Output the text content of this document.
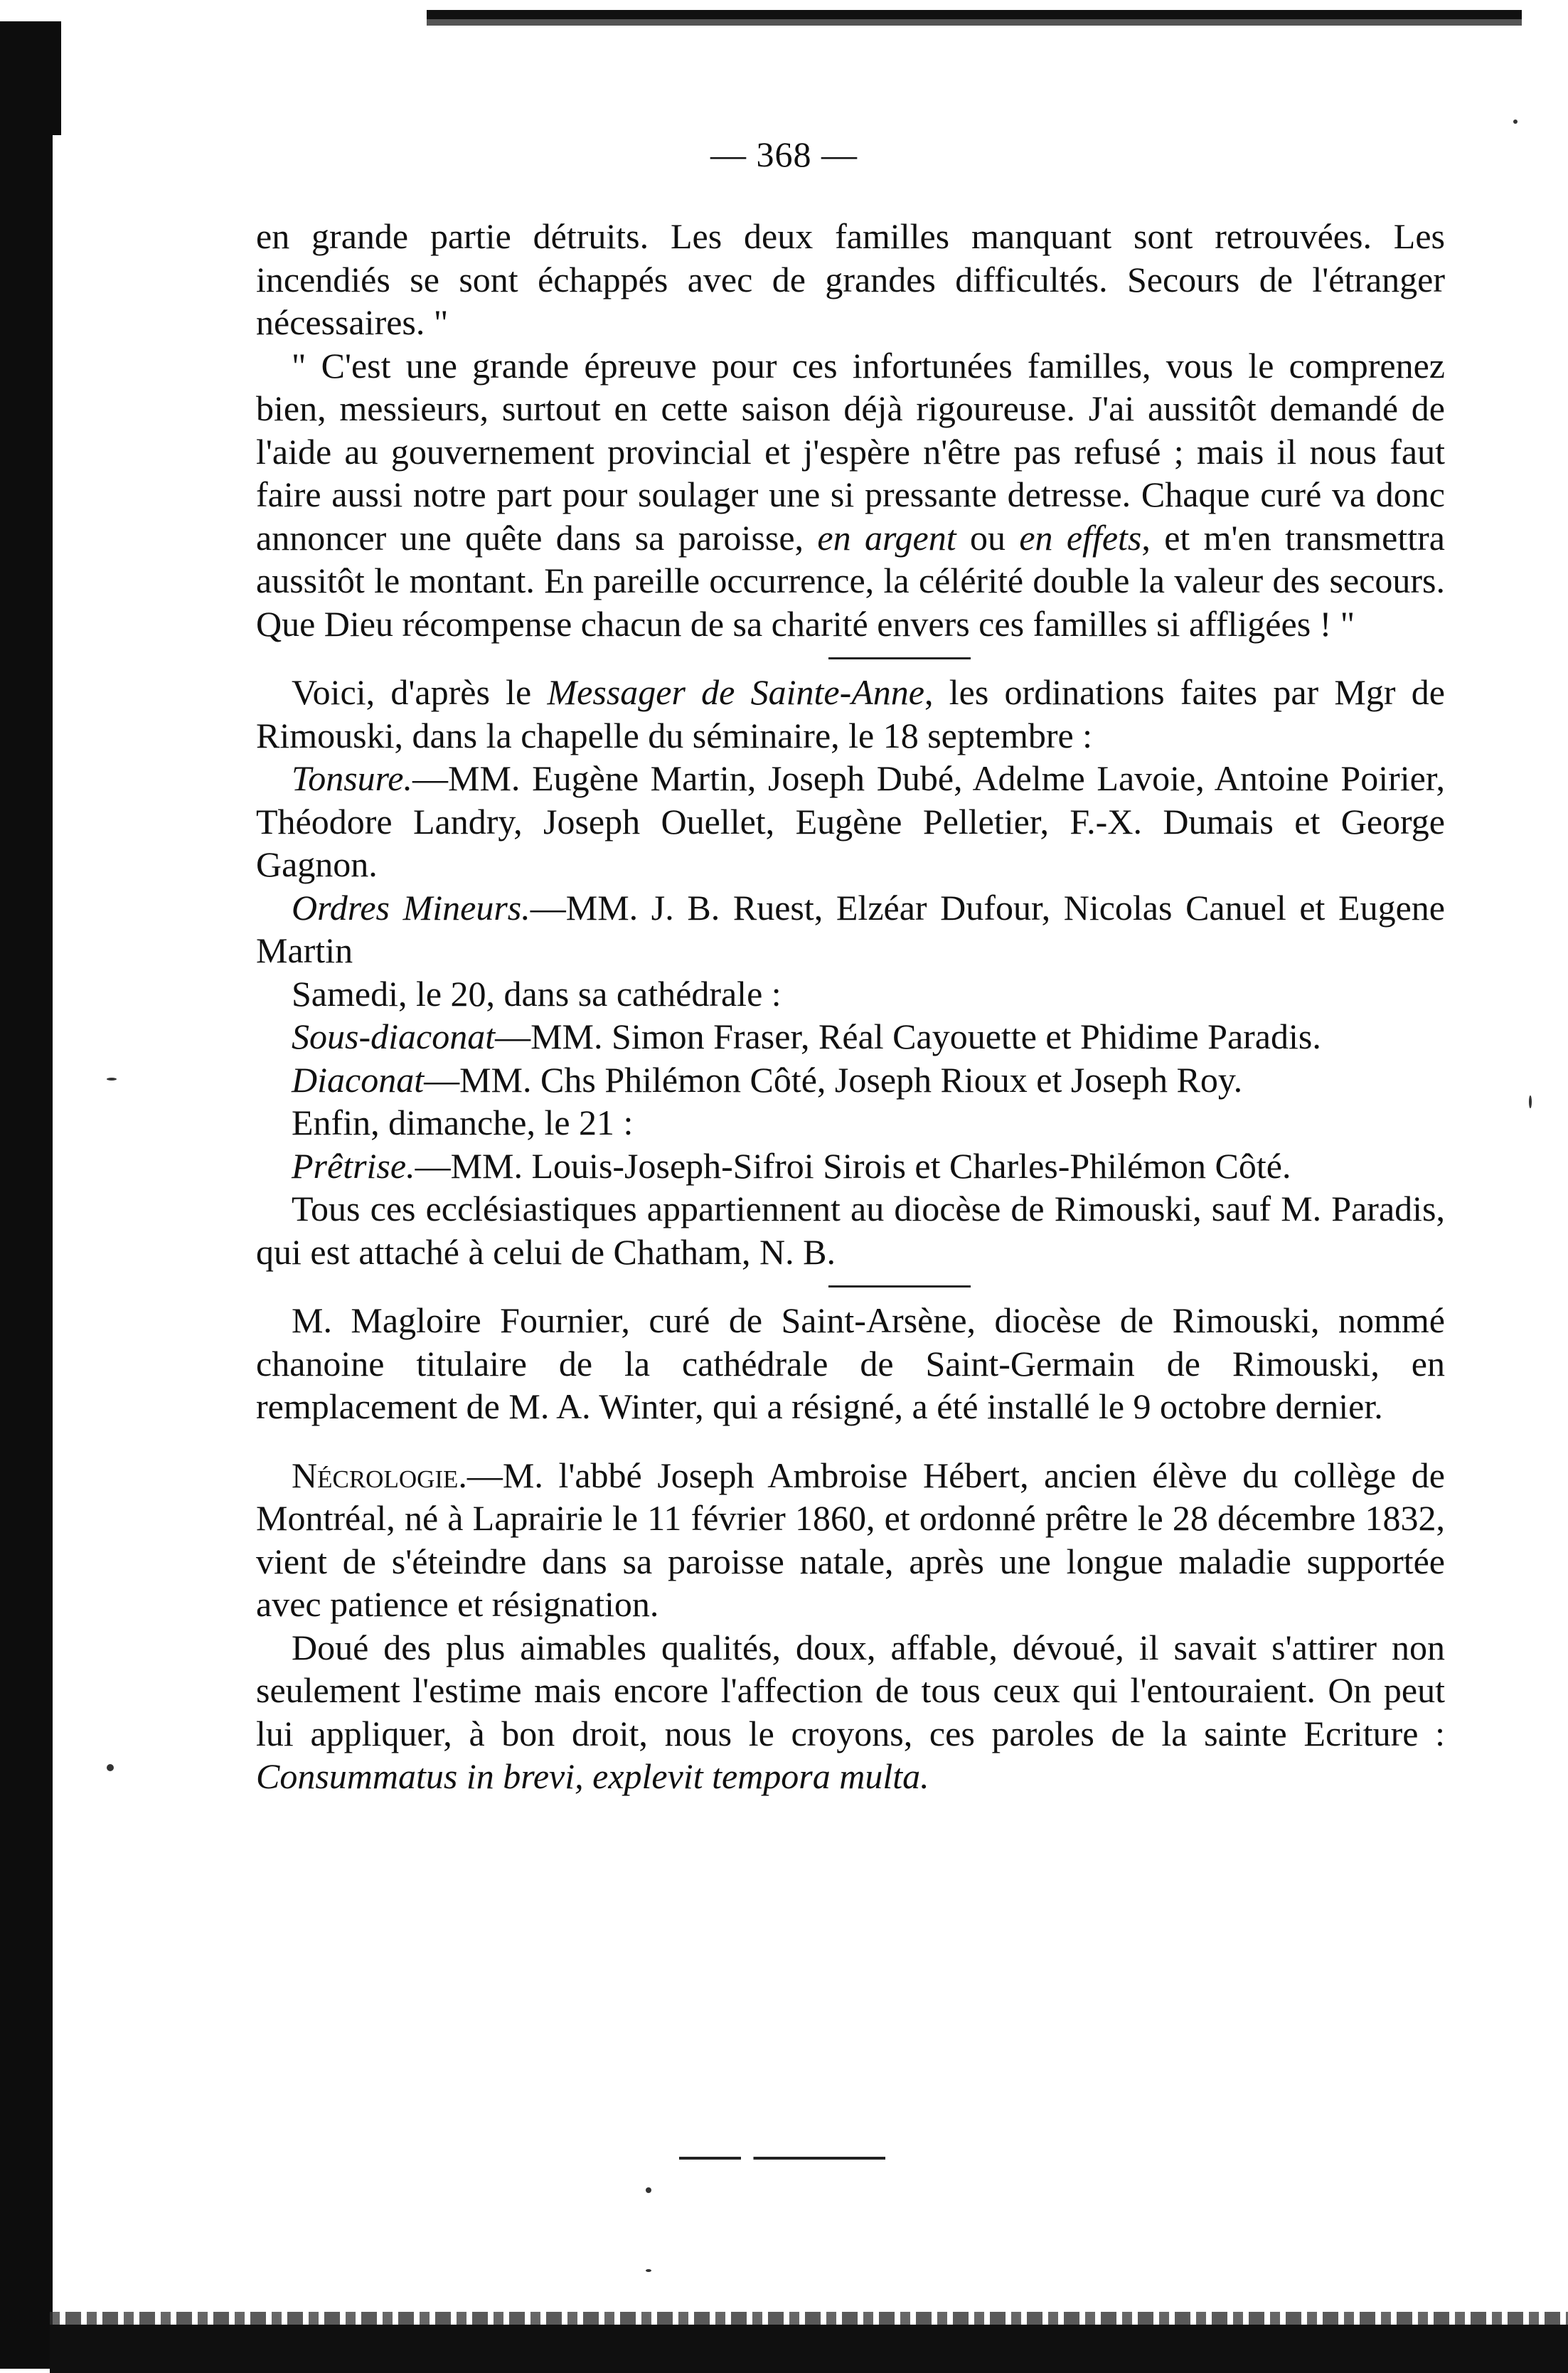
— 368 —

en grande partie détruits. Les deux familles manquant sont retrouvées. Les incendiés se sont échappés avec de grandes difficultés. Secours de l'étranger nécessaires. "

" C'est une grande épreuve pour ces infortunées familles, vous le comprenez bien, messieurs, surtout en cette saison déjà rigoureuse. J'ai aussitôt demandé de l'aide au gouvernement provincial et j'espère n'être pas refusé ; mais il nous faut faire aussi notre part pour soulager une si pressante detresse. Chaque curé va donc annoncer une quête dans sa paroisse, en argent ou en effets, et m'en transmettra aussitôt le montant. En pareille occurrence, la célérité double la valeur des secours. Que Dieu récompense chacun de sa charité envers ces familles si affligées ! "

Voici, d'après le Messager de Sainte-Anne, les ordinations faites par Mgr de Rimouski, dans la chapelle du séminaire, le 18 septembre :

Tonsure.—MM. Eugène Martin, Joseph Dubé, Adelme Lavoie, Antoine Poirier, Théodore Landry, Joseph Ouellet, Eugène Pelletier, F.-X. Dumais et George Gagnon.

Ordres Mineurs.—MM. J. B. Ruest, Elzéar Dufour, Nicolas Canuel et Eugene Martin

Samedi, le 20, dans sa cathédrale :

Sous-diaconat—MM. Simon Fraser, Réal Cayouette et Phidime Paradis.

Diaconat—MM. Chs Philémon Côté, Joseph Rioux et Joseph Roy.

Enfin, dimanche, le 21 :

Prêtrise.—MM. Louis-Joseph-Sifroi Sirois et Charles-Philémon Côté.

Tous ces ecclésiastiques appartiennent au diocèse de Rimouski, sauf M. Paradis, qui est attaché à celui de Chatham, N. B.

M. Magloire Fournier, curé de Saint-Arsène, diocèse de Rimouski, nommé chanoine titulaire de la cathédrale de Saint-Germain de Rimouski, en remplacement de M. A. Winter, qui a résigné, a été installé le 9 octobre dernier.

Nécrologie.—M. l'abbé Joseph Ambroise Hébert, ancien élève du collège de Montréal, né à Laprairie le 11 février 1860, et ordonné prêtre le 28 décembre 1832, vient de s'éteindre dans sa paroisse natale, après une longue maladie supportée avec patience et résignation.

Doué des plus aimables qualités, doux, affable, dévoué, il savait s'attirer non seulement l'estime mais encore l'affection de tous ceux qui l'entouraient. On peut lui appliquer, à bon droit, nous le croyons, ces paroles de la sainte Ecriture : Consummatus in brevi, explevit tempora multa.
